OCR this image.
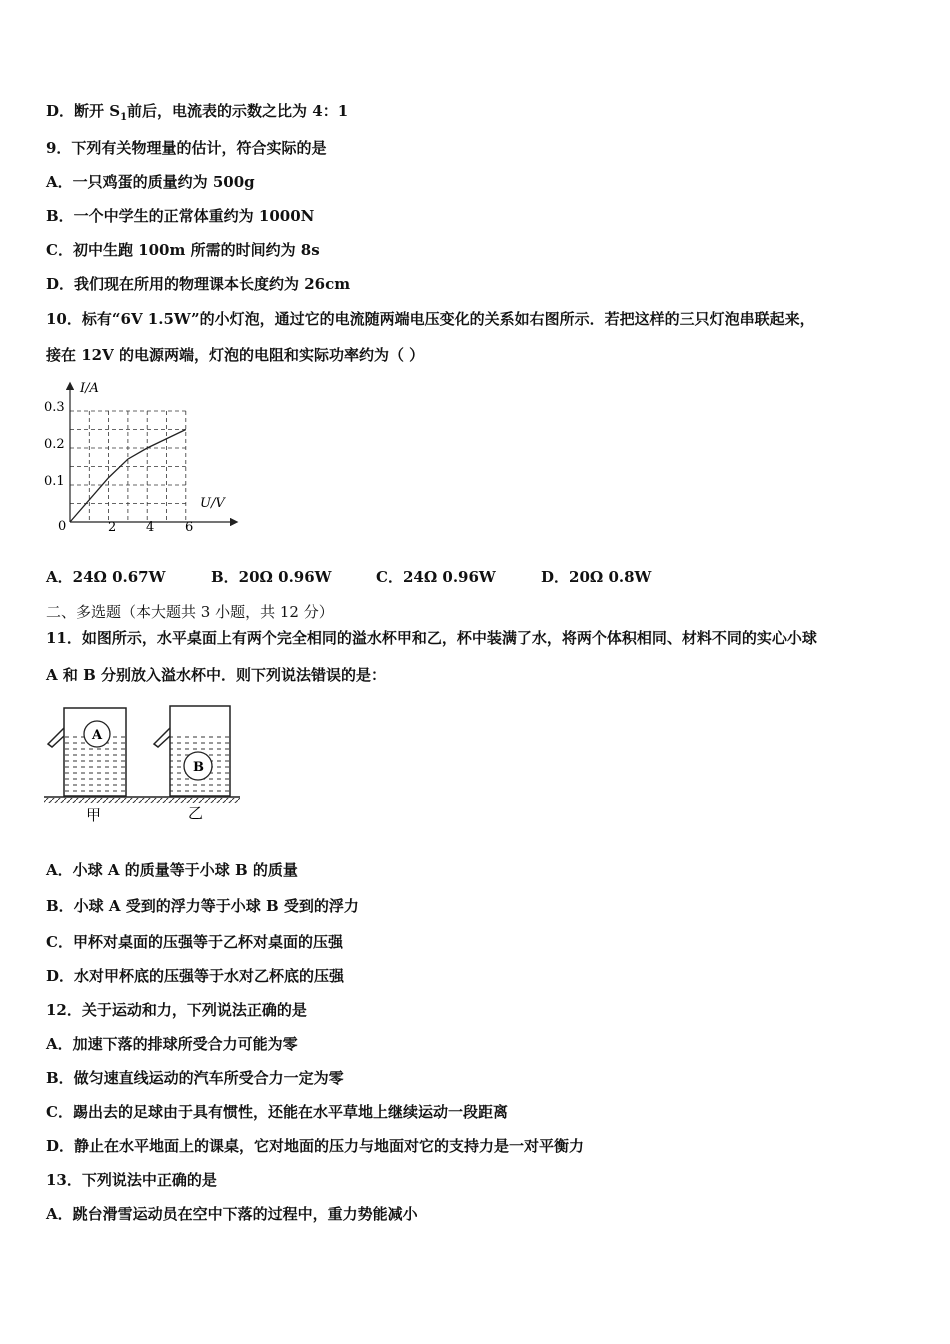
D．断开 $S_1$前后，电流表的示数之比为 4：1
9．下列有关物理量的估计，符合实际的是
A．一只鸡蛋的质量约为 500g
B．一个中学生的正常体重约为 1000N
C．初中生跑 100m 所需的时间约为 8s
D．我们现在所用的物理课本长度约为 26cm
10．标有“6V 1.5W”的小灯泡，通过它的电流随两端电压变化的关系如右图所示．若把这样的三只灯泡串联起来，
接在 12V 的电源两端，灯泡的电阻和实际功率约为（ ）
I/A
U/V
0
0.1
0.2
0.3
2 4 6
A．24Ω 0.67W	B．20Ω 0.96W	C．24Ω 0.96W	D．20Ω 0.8W
二、多选题（本大题共 3 小题，共 12 分）
11．如图所示，水平桌面上有两个完全相同的溢水杯甲和乙，杯中装满了水，将两个体积相同、材料不同的实心小球
A 和 B 分别放入溢水杯中．则下列说法错误的是：
A
甲
B
乙
A．小球 A 的质量等于小球 B 的质量
B．小球 A 受到的浮力等于小球 B 受到的浮力
C．甲杯对桌面的压强等于乙杯对桌面的压强
D．水对甲杯底的压强等于水对乙杯底的压强
12．关于运动和力，下列说法正确的是
A．加速下落的排球所受合力可能为零
B．做匀速直线运动的汽车所受合力一定为零
C．踢出去的足球由于具有惯性，还能在水平草地上继续运动一段距离
D．静止在水平地面上的课桌，它对地面的压力与地面对它的支持力是一对平衡力
13．下列说法中正确的是
A．跳台滑雪运动员在空中下落的过程中，重力势能减小
